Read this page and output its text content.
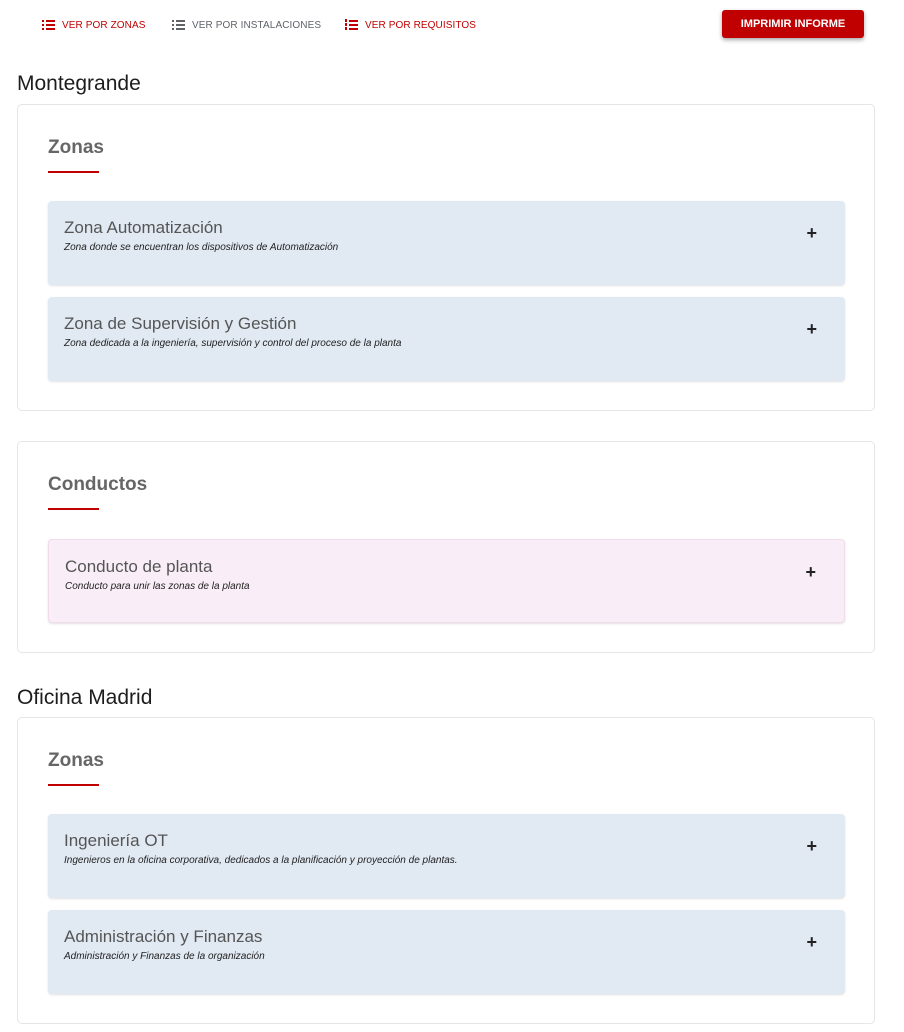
VER POR ZONAS	VER POR INSTALACIONES	VER POR REQUISITOS	IMPRIMIR INFORME
Montegrande
Zonas
Zona Automatización
Zona donde se encuentran los dispositivos de Automatización
+
Zona de Supervisión y Gestión
Zona dedicada a la ingeniería, supervisión y control del proceso de la planta
+
Conductos
Conducto de planta
Conducto para unir las zonas de la planta
+
Oficina Madrid
Zonas
Ingeniería OT
Ingenieros en la oficina corporativa, dedicados a la planificación y proyección de plantas.
+
Administración y Finanzas
Administración y Finanzas de la organización
+
